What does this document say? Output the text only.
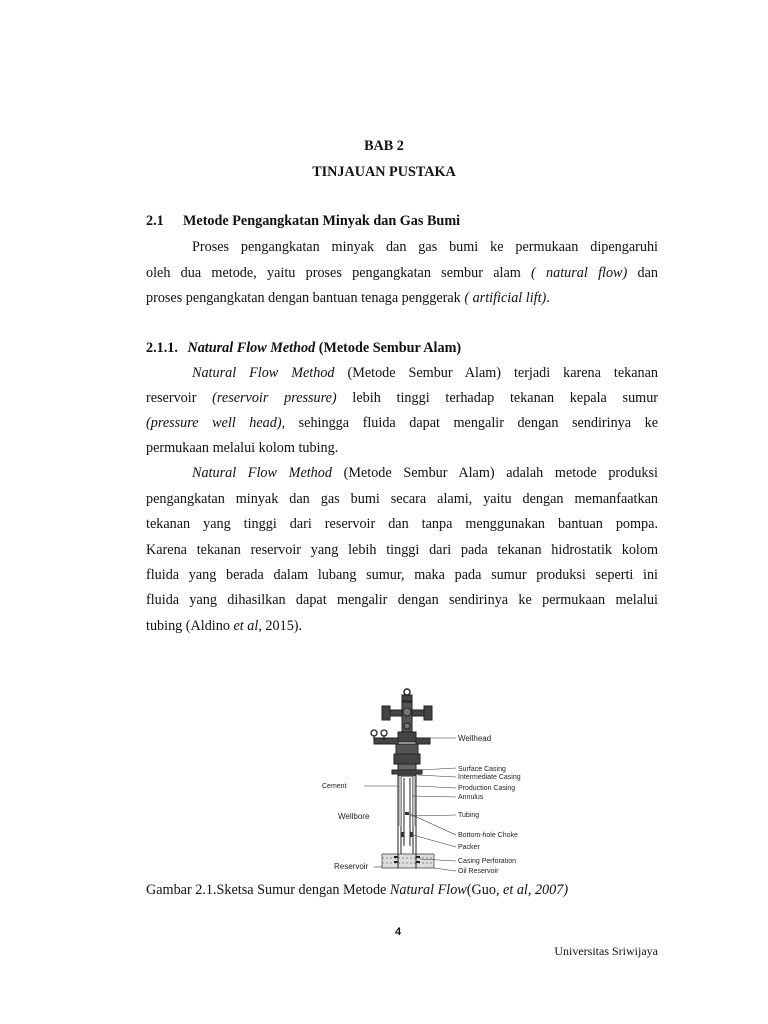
BAB 2
TINJAUAN PUSTAKA
2.1 Metode Pengangkatan Minyak dan Gas Bumi
Proses pengangkatan minyak dan gas bumi ke permukaan dipengaruhi
oleh dua metode, yaitu proses pengangkatan sembur alam ( natural flow) dan
proses pengangkatan dengan bantuan tenaga penggerak ( artificial lift).
2.1.1. Natural Flow Method (Metode Sembur Alam)
Natural Flow Method (Metode Sembur Alam) terjadi karena tekanan
reservoir (reservoir pressure) lebih tinggi terhadap tekanan kepala sumur
(pressure well head), sehingga fluida dapat mengalir dengan sendirinya ke
permukaan melalui kolom tubing.
Natural Flow Method (Metode Sembur Alam) adalah metode produksi
pengangkatan minyak dan gas bumi secara alami, yaitu dengan memanfaatkan
tekanan yang tinggi dari reservoir dan tanpa menggunakan bantuan pompa.
Karena tekanan reservoir yang lebih tinggi dari pada tekanan hidrostatik kolom
fluida yang berada dalam lubang sumur, maka pada sumur produksi seperti ini
fluida yang dihasilkan dapat mengalir dengan sendirinya ke permukaan melalui
tubing (Aldino et al, 2015).
Wellhead
Surface Casing
Intermediate Casing
Production Casing
Annulus
Tubing
Bottom-hole Choke
Packer
Casing Perforation
Oil Reservoir
Cement
Wellbore
Reservoir
Gambar 2.1.Sketsa Sumur dengan Metode Natural Flow(Guo, et al, 2007)
4
Universitas Sriwijaya
